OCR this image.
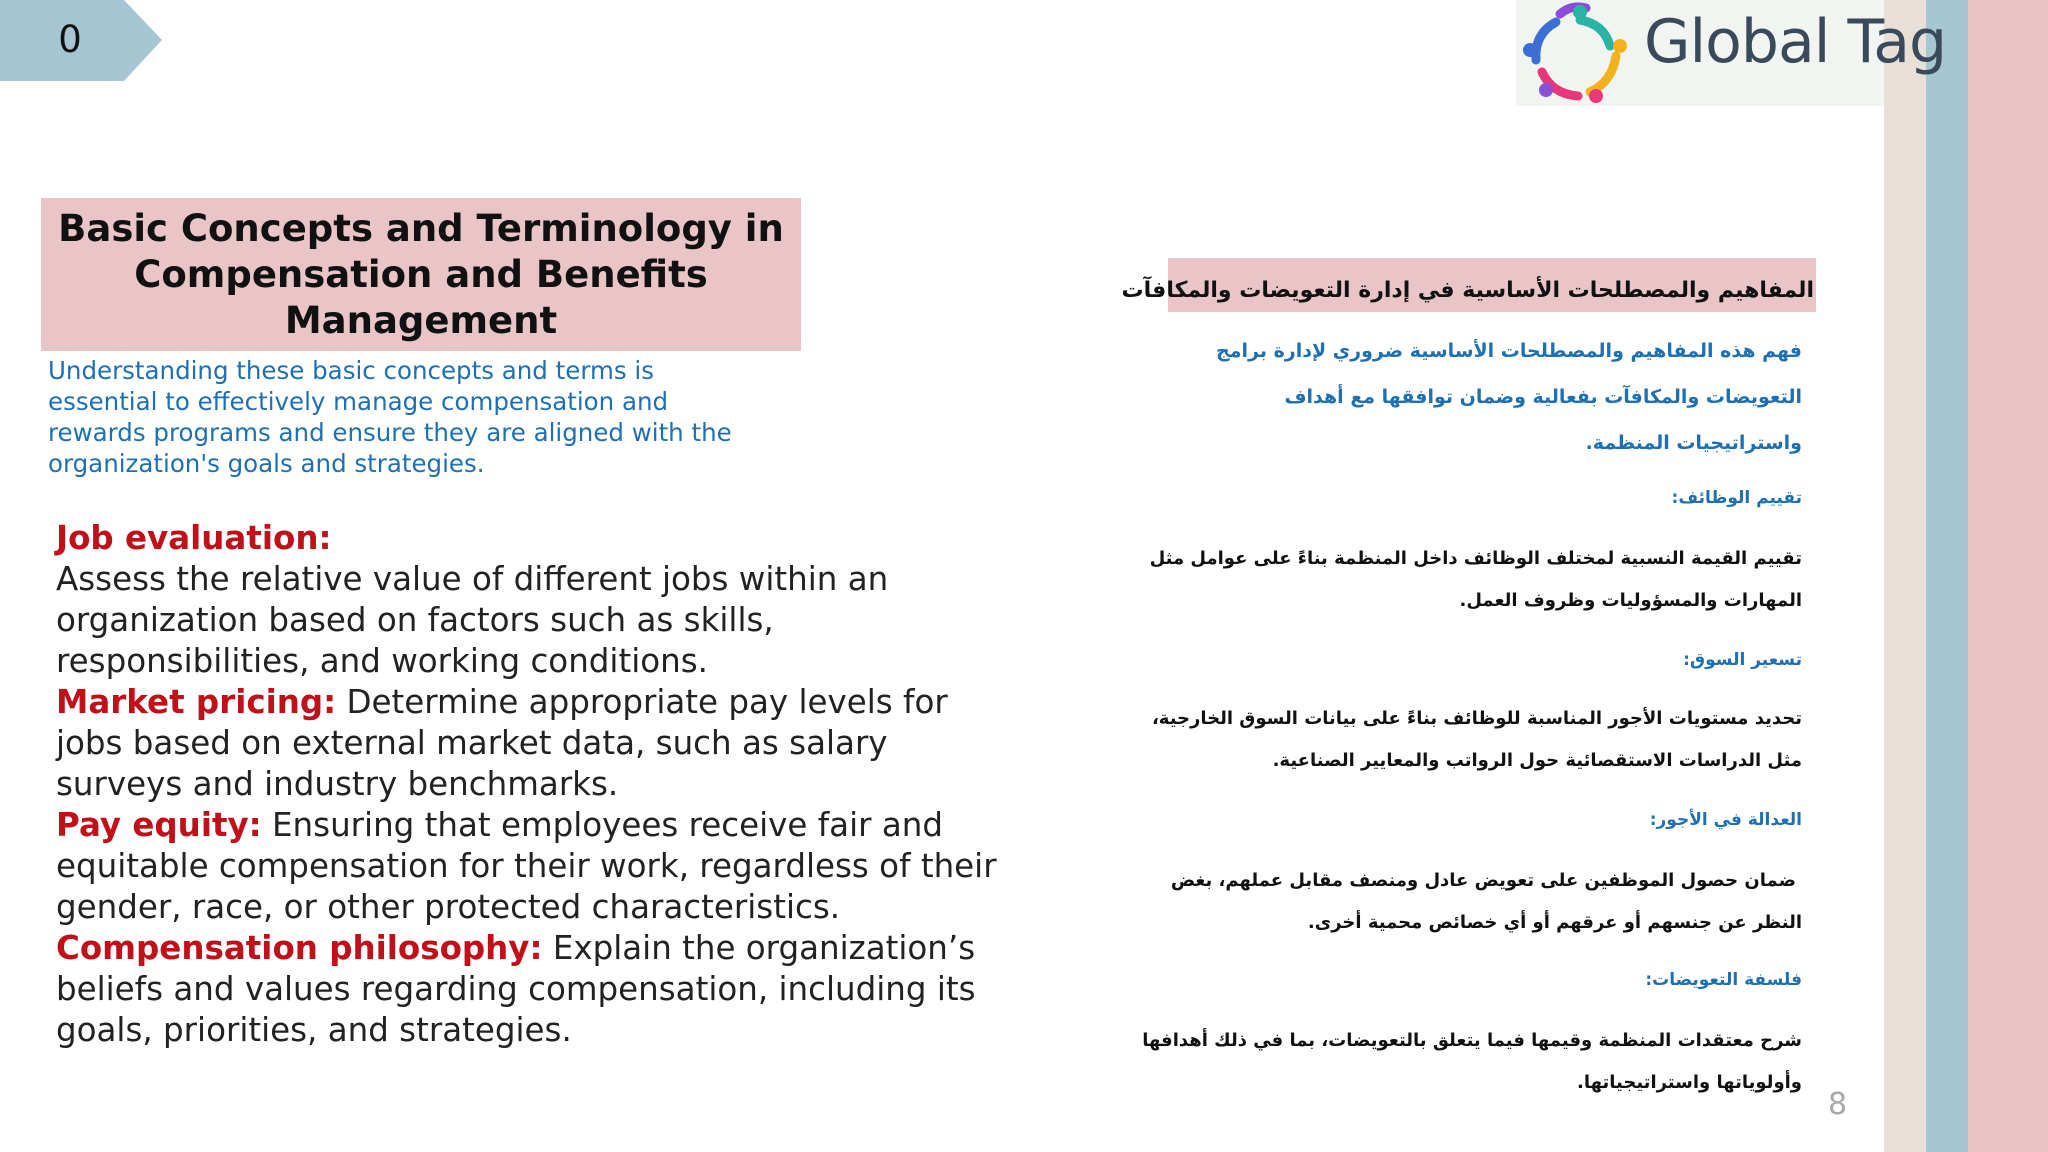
0	Global Tag
Basic Concepts and Terminology in
Compensation and Benefits
Management
Understanding these basic concepts and terms is
essential to effectively manage compensation and
rewards programs and ensure they are aligned with the
organization's goals and strategies.
Job evaluation:
Assess the relative value of different jobs within an
organization based on factors such as skills,
responsibilities, and working conditions.
Market pricing: Determine appropriate pay levels for
jobs based on external market data, such as salary
surveys and industry benchmarks.
Pay equity: Ensuring that employees receive fair and
equitable compensation for their work, regardless of their
gender, race, or other protected characteristics.
Compensation philosophy: Explain the organization’s
beliefs and values regarding compensation, including its
goals, priorities, and strategies.
المفاهيم والمصطلحات الأساسية في إدارة التعويضات والمكافآت
فهم هذه المفاهيم والمصطلحات الأساسية ضروري لإدارة برامج
التعويضات والمكافآت بفعالية وضمان توافقها مع أهداف
واستراتيجيات المنظمة.
تقييم الوظائف:
تقييم القيمة النسبية لمختلف الوظائف داخل المنظمة بناءً على عوامل مثل
المهارات والمسؤوليات وظروف العمل.
تسعير السوق:
تحديد مستويات الأجور المناسبة للوظائف بناءً على بيانات السوق الخارجية،
مثل الدراسات الاستقصائية حول الرواتب والمعايير الصناعية.
العدالة في الأجور:
ضمان حصول الموظفين على تعويض عادل ومنصف مقابل عملهم، بغض
النظر عن جنسهم أو عرقهم أو أي خصائص محمية أخرى.
فلسفة التعويضات:
شرح معتقدات المنظمة وقيمها فيما يتعلق بالتعويضات، بما في ذلك أهدافها
وأولوياتها واستراتيجياتها.
8
